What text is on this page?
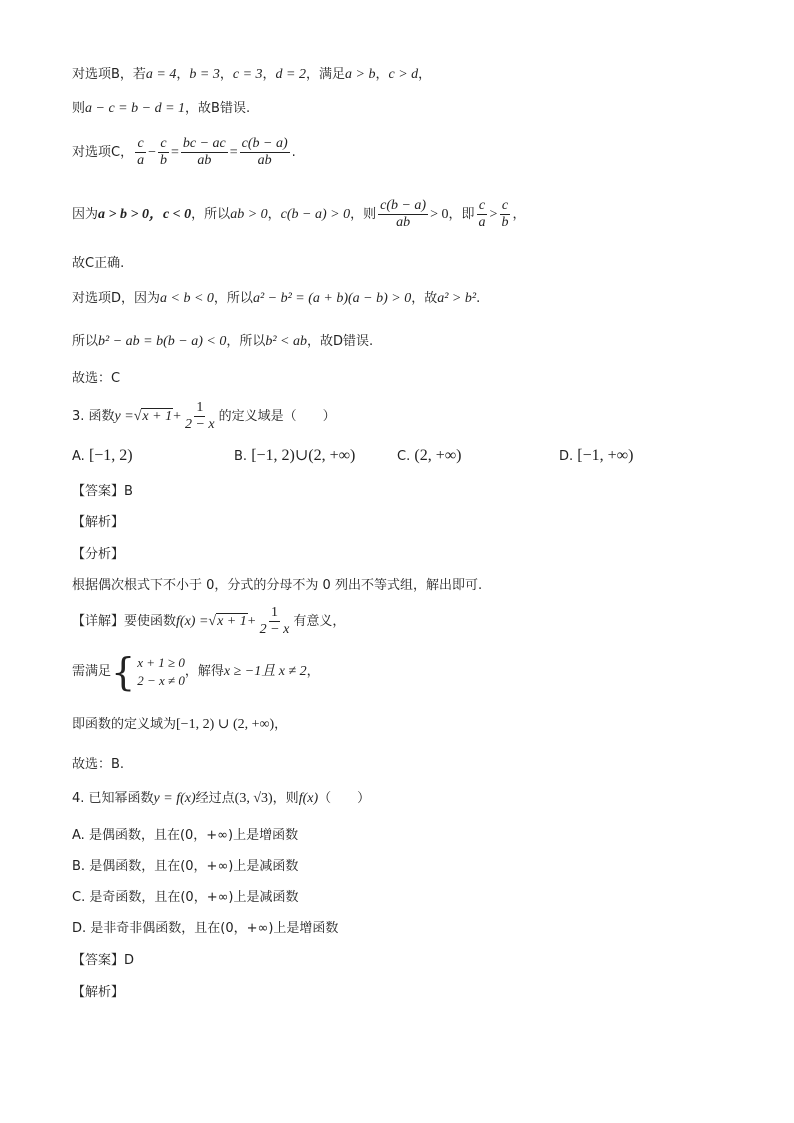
对选项B，若a = 4，b = 3，c = 3，d = 2，满足a > b，c > d，
则a − c = b − d = 1，故B错误.
对选项C， $\frac{c}{a} - \frac{c}{b} = \frac{bc - ac}{ab} = \frac{c(b - a)}{ab}$ .
因为a > b > 0，c < 0，所以ab > 0，c(b − a) > 0，则 $\frac{c(b - a)}{ab} > 0$，即 $\frac{c}{a} > \frac{c}{b}$ ，
故C正确.
对选项D，因为a < b < 0，所以a² − b² = (a + b)(a − b) > 0，故a² > b².
所以b² − ab = b(b − a) < 0，所以b² < ab，故D错误.
故选：C
3. 函数$y =√x + 1+ \frac{1}{2 - x}$ 的定义域是（　　）
A. [−1, 2)	B. [−1, 2)∪(2, +∞)	C. (2, +∞)	D. [−1, +∞)
【答案】B
【解析】
【分析】
根据偶次根式下不小于 0，分式的分母不为 0 列出不等式组，解出即可.
【详解】要使函数$f(x) =√x + 1+ \frac{1}{2 - x}$ 有意义，
需满足 { x + 1 ≥ 0
2 − x ≠ 0
，解得x ≥ −1且 x ≠ 2，
即函数的定义域为[−1, 2) ∪ (2, +∞)，
故选：B.
4. 已知幂函数y = f(x)经过点(3, √3)，则f(x)（　　）
A. 是偶函数，且在(0，+∞)上是增函数
B. 是偶函数，且在(0，+∞)上是减函数
C. 是奇函数，且在(0，+∞)上是减函数
D. 是非奇非偶函数，且在(0，+∞)上是增函数
【答案】D
【解析】
